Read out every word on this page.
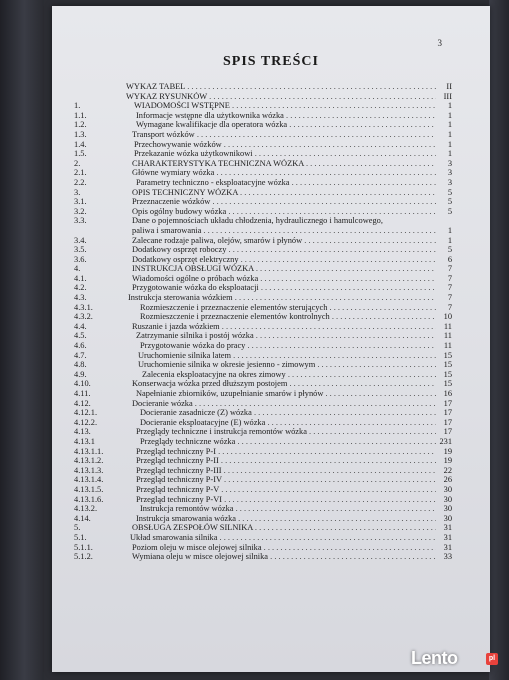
3
SPIS TREŚCI
WYKAZ TABEL . . .	II
WYKAZ RYSUNKÓW . . .	III
1.	WIADOMOŚCI WSTĘPNE . . .	1
1.1.	Informacje wstępne dla użytkownika wózka . . .	1
1.2.	Wymagane kwalifikacje dla operatora wózka . . .	1
1.3.	Transport wózków . . .	1
1.4.	Przechowywanie wózków . . .	1
1.5.	Przekazanie wózka użytkownikowi . . .	1
2.	CHARAKTERYSTYKA TECHNICZNA WÓZKA . . .	3
2.1.	Główne wymiary wózka . . .	3
2.2.	Parametry techniczno - eksploatacyjne wózka . . .	3
3.	OPIS TECHNICZNY WÓZKA . . .	5
3.1.	Przeznaczenie wózków . . .	5
3.2.	Opis ogólny budowy wózka . . .	5
3.3.	Dane o pojemnościach układu chłodzenia, hydraulicznego i hamulcowego,
paliwa i smarowania . . .	1
3.4.	Zalecane rodzaje paliwa, olejów, smarów i płynów . . .	1
3.5.	Dodatkowy osprzęt roboczy . . .	5
3.6.	Dodatkowy osprzęt elektryczny . . .	6
4.	INSTRUKCJA OBSŁUGI WÓZKA . . .	7
4.1.	Wiadomości ogólne o próbach wózka . . .	7
4.2.	Przygotowanie wózka do eksploatacji . . .	7
4.3.	Instrukcja sterowania wózkiem . . .	7
4.3.1.	Rozmieszczenie i przeznaczenie elementów sterujących . . .	7
4.3.2.	Rozmieszczenie i przeznaczenie elementów kontrolnych . . .	10
4.4.	Ruszanie i jazda wózkiem . . .	11
4.5.	Zatrzymanie silnika i postój wózka . . .	11
4.6.	Przygotowanie wózka do pracy . . .	11
4.7.	Uruchomienie silnika latem . . .	15
4.8.	Uruchomienie silnika w okresie jesienno - zimowym . . .	15
4.9.	Zalecenia eksploatacyjne na okres zimowy . . .	15
4.10.	Konserwacja wózka przed dłuższym postojem . . .	15
4.11.	Napełnianie zbiorników, uzupełnianie smarów i płynów . . .	16
4.12.	Docieranie wózka . . .	17
4.12.1.	Docieranie zasadnicze (Z) wózka . . .	17
4.12.2.	Docieranie eksploatacyjne (E) wózka . . .	17
4.13.	Przeglądy techniczne i instrukcja remontów wózka . . .	17
4.13.1	Przeglądy techniczne wózka . . .	231
4.13.1.1.	Przegląd techniczny P-I . . .	19
4.13.1.2.	Przegląd techniczny P-II . . .	19
4.13.1.3.	Przegląd techniczny P-III . . .	22
4.13.1.4.	Przegląd techniczny P-IV . . .	26
4.13.1.5.	Przegląd techniczny P-V . . .	30
4.13.1.6.	Przegląd techniczny P-VI . . .	30
4.13.2.	Instrukcja remontów wózka . . .	30
4.14.	Instrukcja smarowania wózka . . .	30
5.	OBSŁUGA ZESPOŁÓW SILNIKA . . .	31
5.1.	Układ smarowania silnika . . .	31
5.1.1.	Poziom oleju w misce olejowej silnika . . .	31
5.1.2.	Wymiana oleju w misce olejowej silnika . . .	33
Lento	pl
